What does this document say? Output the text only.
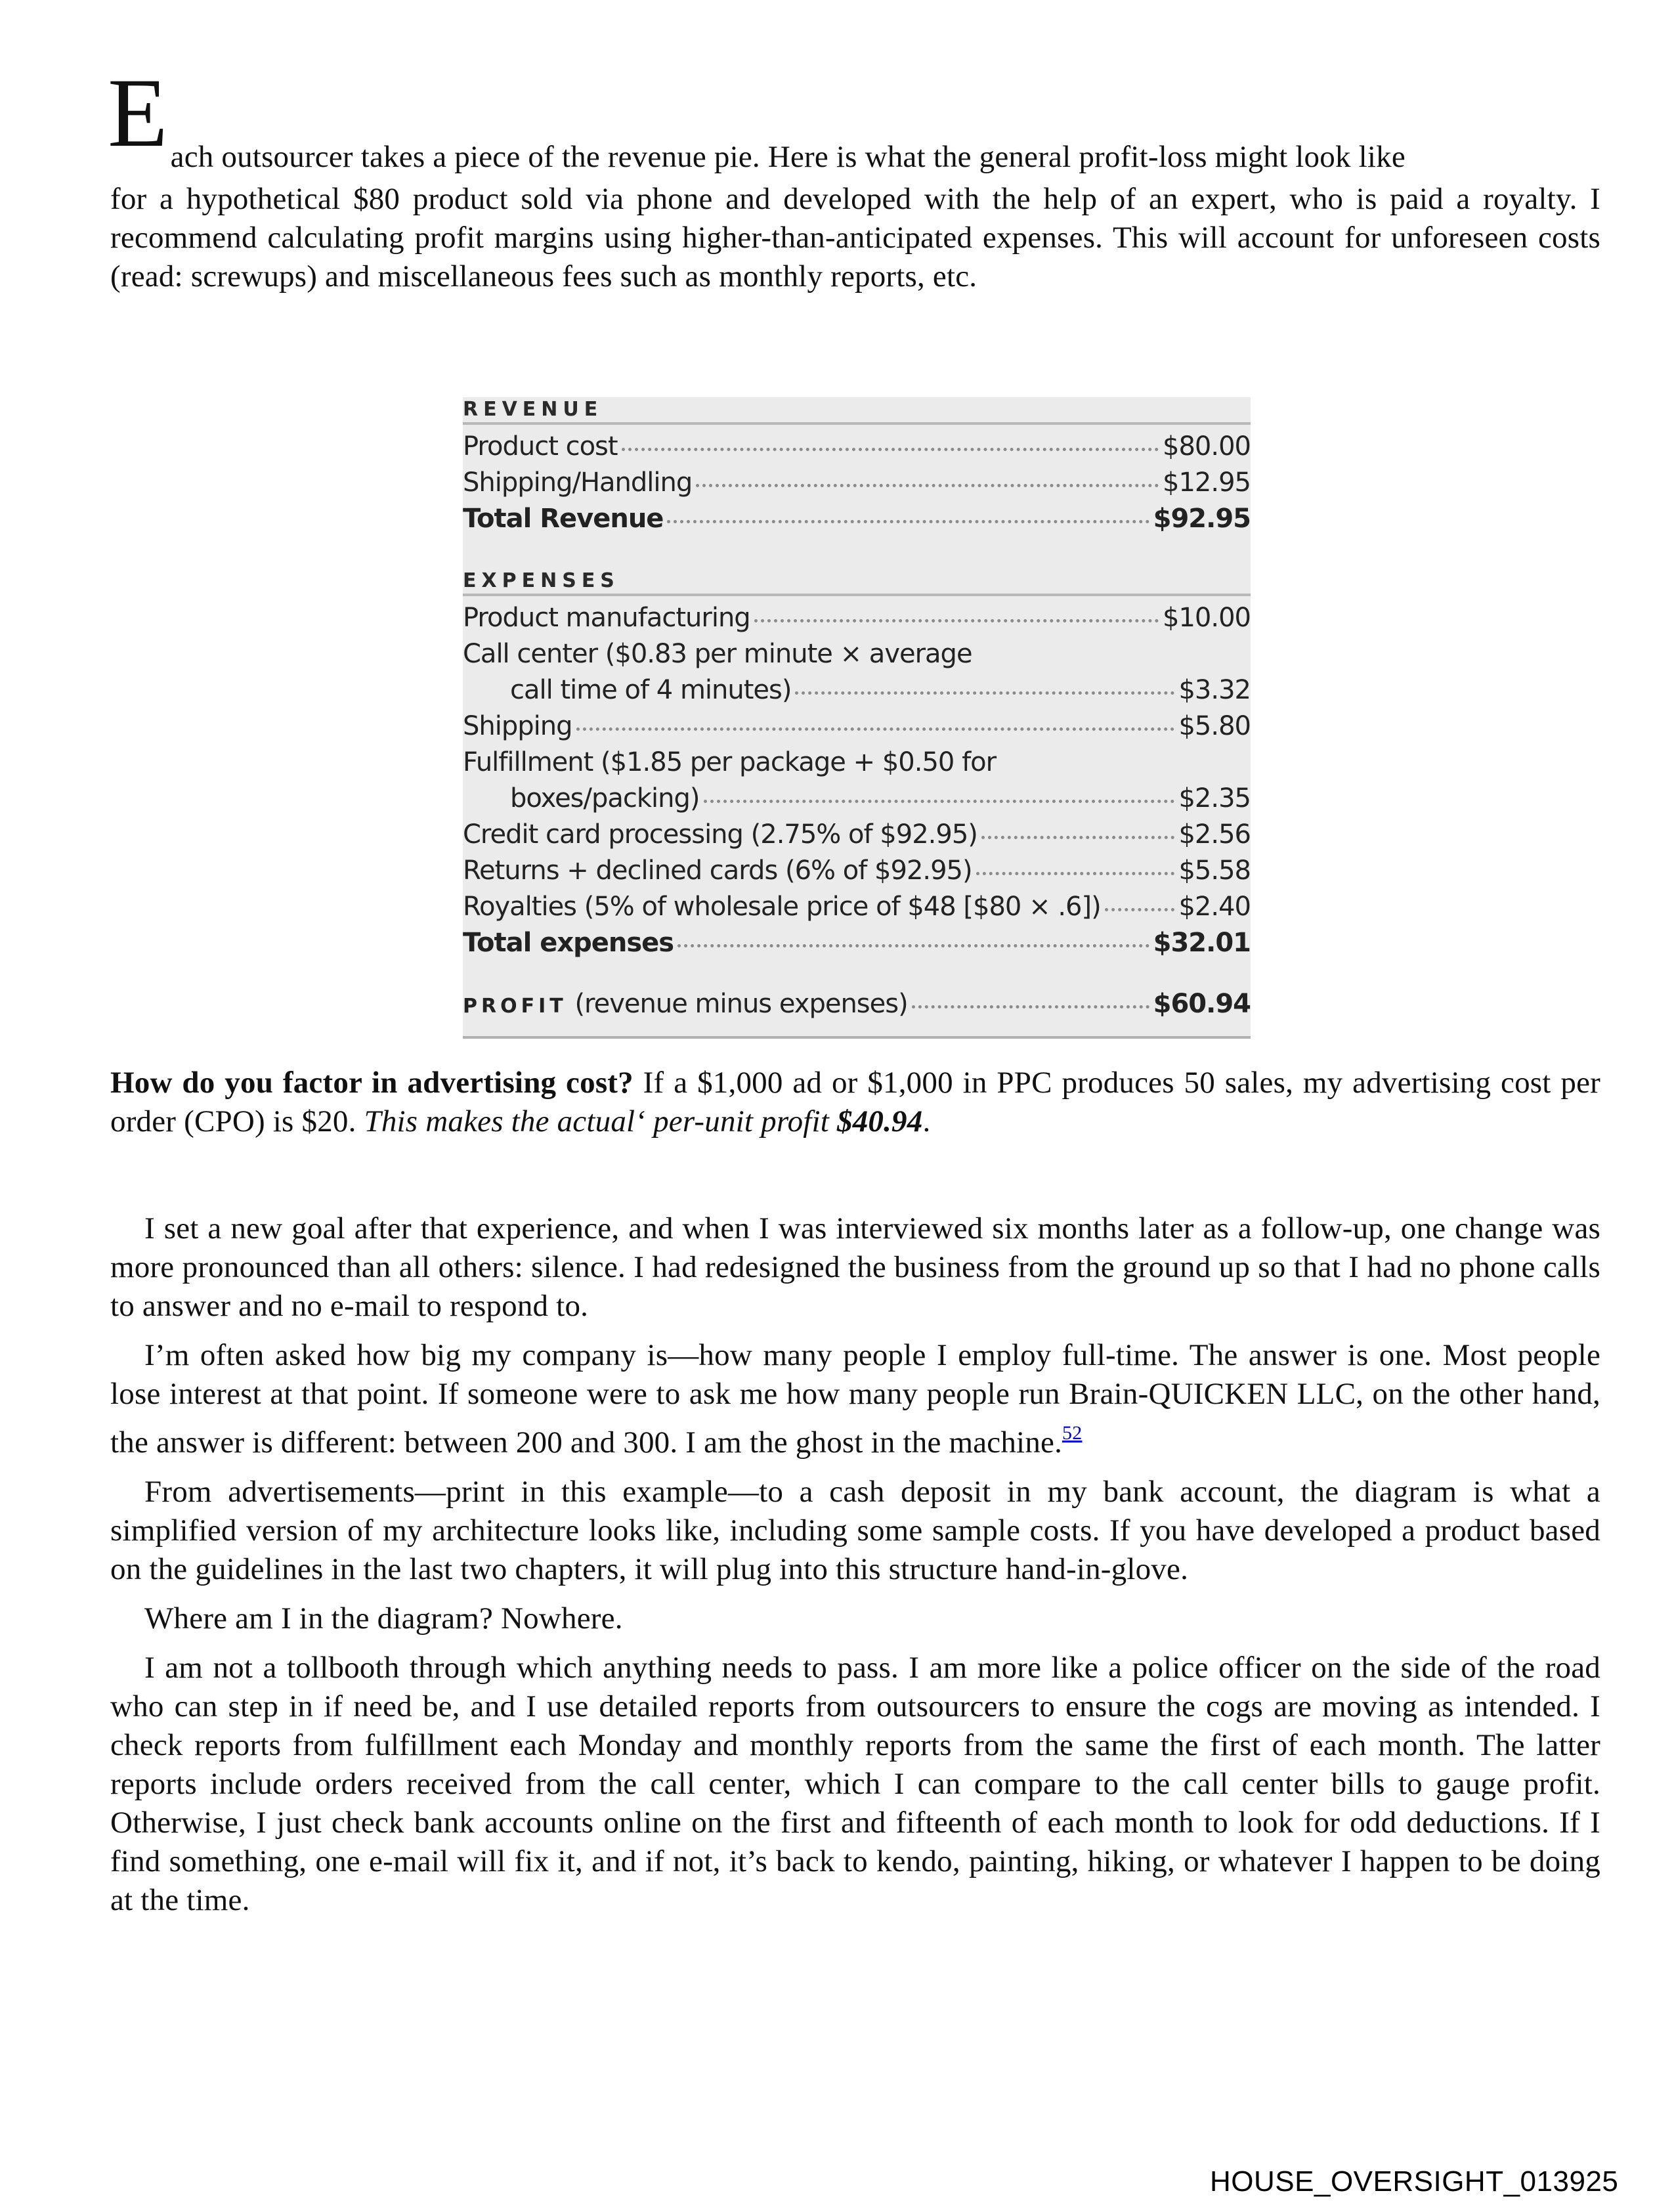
E ach outsourcer takes a piece of the revenue pie. Here is what the general profit-loss might look like

for a hypothetical $80 product sold via phone and developed with the help of an expert, who is paid a royalty. I recommend calculating profit margins using higher-than-anticipated expenses. This will account for unforeseen costs (read: screwups) and miscellaneous fees such as monthly reports, etc.

REVENUE
Product cost	$80.00
Shipping/Handling	$12.95
Total Revenue	$92.95
EXPENSES
Product manufacturing	$10.00
Call center ($0.83 per minute × average
call time of 4 minutes)	$3.32
Shipping	$5.80
Fulfillment ($1.85 per package + $0.50 for
boxes/packing)	$2.35
Credit card processing (2.75% of $92.95)	$2.56
Returns + declined cards (6% of $92.95)	$5.58
Royalties (5% of wholesale price of $48 [$80 × .6])	$2.40
Total expenses	$32.01
PROFIT (revenue minus expenses)	$60.94

How do you factor in advertising cost? If a $1,000 ad or $1,000 in PPC produces 50 sales, my advertising cost per order (CPO) is $20. This makes the actual‘ per-unit profit $40.94.

I set a new goal after that experience, and when I was interviewed six months later as a follow-up, one change was more pronounced than all others: silence. I had redesigned the business from the ground up so that I had no phone calls to answer and no e-mail to respond to.

I’m often asked how big my company is—how many people I employ full-time. The answer is one. Most people lose interest at that point. If someone were to ask me how many people run Brain-QUICKEN LLC, on the other hand, the answer is different: between 200 and 300. I am the ghost in the machine.$^{52}$

From advertisements—print in this example—to a cash deposit in my bank account, the diagram is what a simplified version of my architecture looks like, including some sample costs. If you have developed a product based on the guidelines in the last two chapters, it will plug into this structure hand-in-glove.

Where am I in the diagram? Nowhere.

I am not a tollbooth through which anything needs to pass. I am more like a police officer on the side of the road who can step in if need be, and I use detailed reports from outsourcers to ensure the cogs are moving as intended. I check reports from fulfillment each Monday and monthly reports from the same the first of each month. The latter reports include orders received from the call center, which I can compare to the call center bills to gauge profit. Otherwise, I just check bank accounts online on the first and fifteenth of each month to look for odd deductions. If I find something, one e-mail will fix it, and if not, it’s back to kendo, painting, hiking, or whatever I happen to be doing at the time.

HOUSE_OVERSIGHT_013925
